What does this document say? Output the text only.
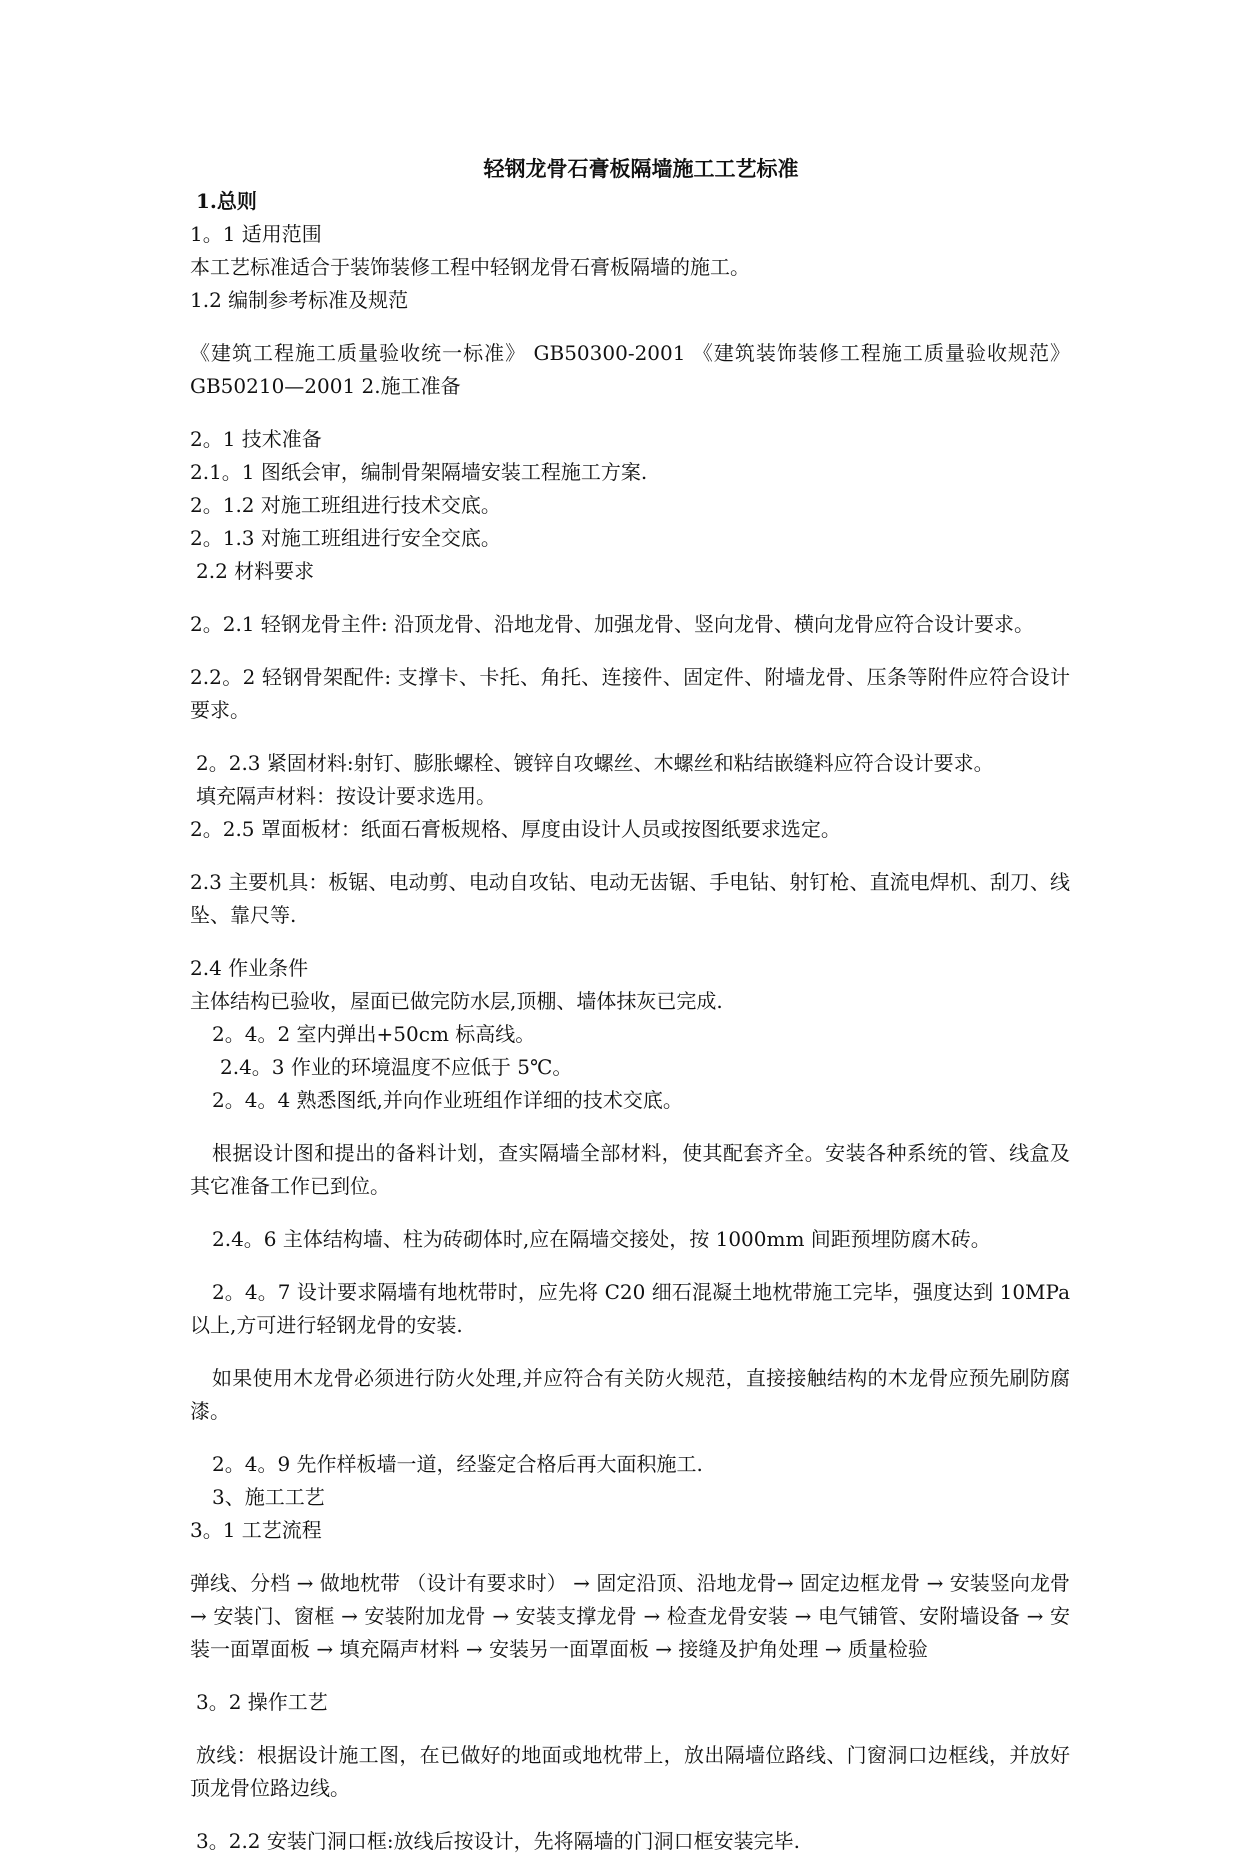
轻钢龙骨石膏板隔墙施工工艺标准

1.总则

1。1 适用范围

本工艺标准适合于装饰装修工程中轻钢龙骨石膏板隔墙的施工。

1.2 编制参考标准及规范

《建筑工程施工质量验收统一标准》 GB50300-2001 《建筑装饰装修工程施工质量验收规范》 GB50210—2001 2.施工准备

2。1 技术准备

2.1。1 图纸会审，编制骨架隔墙安装工程施工方案.

2。1.2 对施工班组进行技术交底。

2。1.3 对施工班组进行安全交底。

2.2 材料要求

2。2.1 轻钢龙骨主件: 沿顶龙骨、沿地龙骨、加强龙骨、竖向龙骨、横向龙骨应符合设计要求。

2.2。2 轻钢骨架配件: 支撑卡、卡托、角托、连接件、固定件、附墙龙骨、压条等附件应符合设计要求。

2。2.3 紧固材料:射钉、膨胀螺栓、镀锌自攻螺丝、木螺丝和粘结嵌缝料应符合设计要求。

填充隔声材料：按设计要求选用。

2。2.5 罩面板材：纸面石膏板规格、厚度由设计人员或按图纸要求选定。

2.3 主要机具：板锯、电动剪、电动自攻钻、电动无齿锯、手电钻、射钉枪、直流电焊机、刮刀、线坠、靠尺等.

2.4 作业条件

主体结构已验收，屋面已做完防水层,顶棚、墙体抹灰已完成.

2。4。2 室内弹出+50cm 标高线。

2.4。3 作业的环境温度不应低于 5℃。

2。4。4 熟悉图纸,并向作业班组作详细的技术交底。

根据设计图和提出的备料计划，查实隔墙全部材料，使其配套齐全。安装各种系统的管、线盒及其它准备工作已到位。

2.4。6 主体结构墙、柱为砖砌体时,应在隔墙交接处，按 1000mm 间距预埋防腐木砖。

2。4。7 设计要求隔墙有地枕带时，应先将 C20 细石混凝土地枕带施工完毕，强度达到 10MPa 以上,方可进行轻钢龙骨的安装.

如果使用木龙骨必须进行防火处理,并应符合有关防火规范，直接接触结构的木龙骨应预先刷防腐漆。

2。4。9 先作样板墙一道，经鉴定合格后再大面积施工.

3、施工工艺

3。1 工艺流程

弹线、分档 → 做地枕带 （设计有要求时） → 固定沿顶、沿地龙骨→ 固定边框龙骨 → 安装竖向龙骨 → 安装门、窗框 → 安装附加龙骨 → 安装支撑龙骨 → 检查龙骨安装 → 电气铺管、安附墙设备 → 安装一面罩面板 → 填充隔声材料 → 安装另一面罩面板 → 接缝及护角处理 → 质量检验

3。2 操作工艺

放线：根据设计施工图，在已做好的地面或地枕带上，放出隔墙位路线、门窗洞口边框线，并放好顶龙骨位路边线。

3。2.2 安装门洞口框:放线后按设计，先将隔墙的门洞口框安装完毕.
